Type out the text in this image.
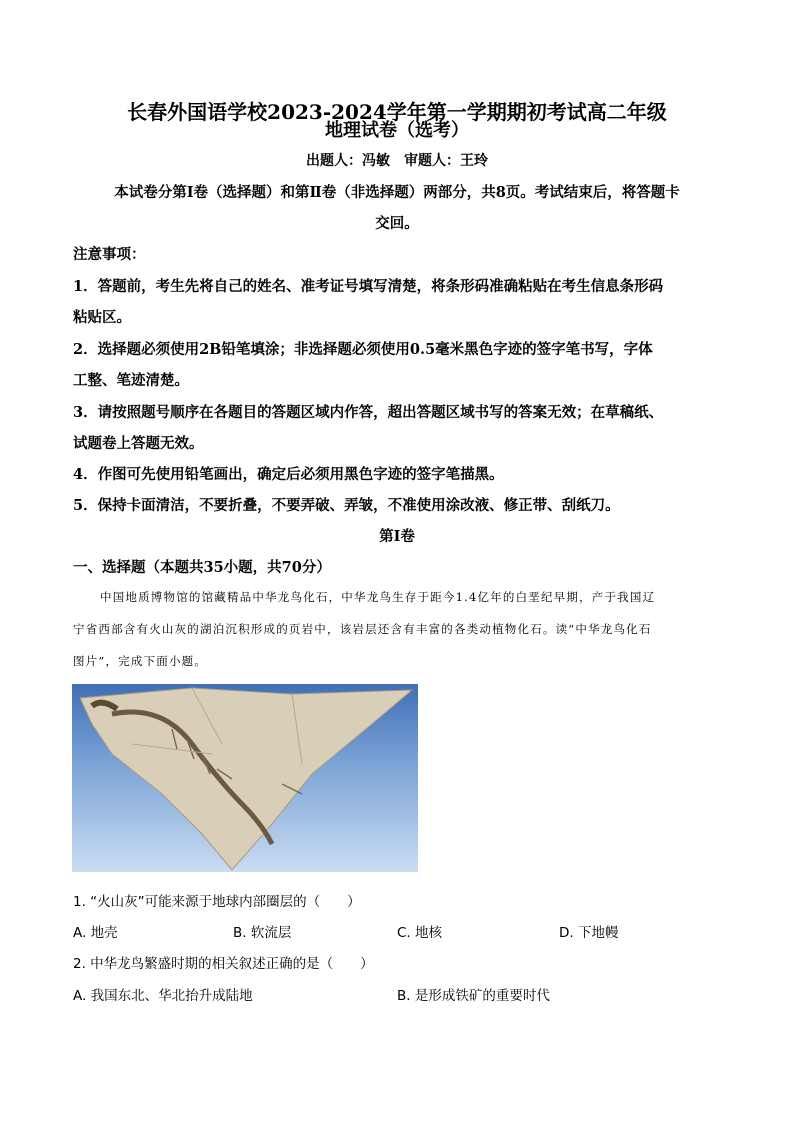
长春外国语学校2023-2024学年第一学期期初考试高二年级
地理试卷（选考）
出题人：冯敏　审题人：王玲
本试卷分第Ⅰ卷（选择题）和第Ⅱ卷（非选择题）两部分，共8页。考试结束后，将答题卡
交回。
注意事项：
1．答题前，考生先将自己的姓名、准考证号填写清楚，将条形码准确粘贴在考生信息条形码
粘贴区。
2．选择题必须使用2B铅笔填涂；非选择题必须使用0.5毫米黑色字迹的签字笔书写，字体
工整、笔迹清楚。
3．请按照题号顺序在各题目的答题区域内作答，超出答题区域书写的答案无效；在草稿纸、
试题卷上答题无效。
4．作图可先使用铅笔画出，确定后必须用黑色字迹的签字笔描黑。
5．保持卡面清洁，不要折叠，不要弄破、弄皱，不准使用涂改液、修正带、刮纸刀。
第Ⅰ卷
一、选择题（本题共35小题，共70分）
中国地质博物馆的馆藏精品中华龙鸟化石，中华龙鸟生存于距今1.4亿年的白垩纪早期，产于我国辽
宁省西部含有火山灰的湖泊沉积形成的页岩中，该岩层还含有丰富的各类动植物化石。读“中华龙鸟化石
图片”，完成下面小题。
1. “火山灰”可能来源于地球内部圈层的（　　）
A. 地壳	B. 软流层	C. 地核	D. 下地幔
2. 中华龙鸟繁盛时期的相关叙述正确的是（　　）
A. 我国东北、华北抬升成陆地	B. 是形成铁矿的重要时代
